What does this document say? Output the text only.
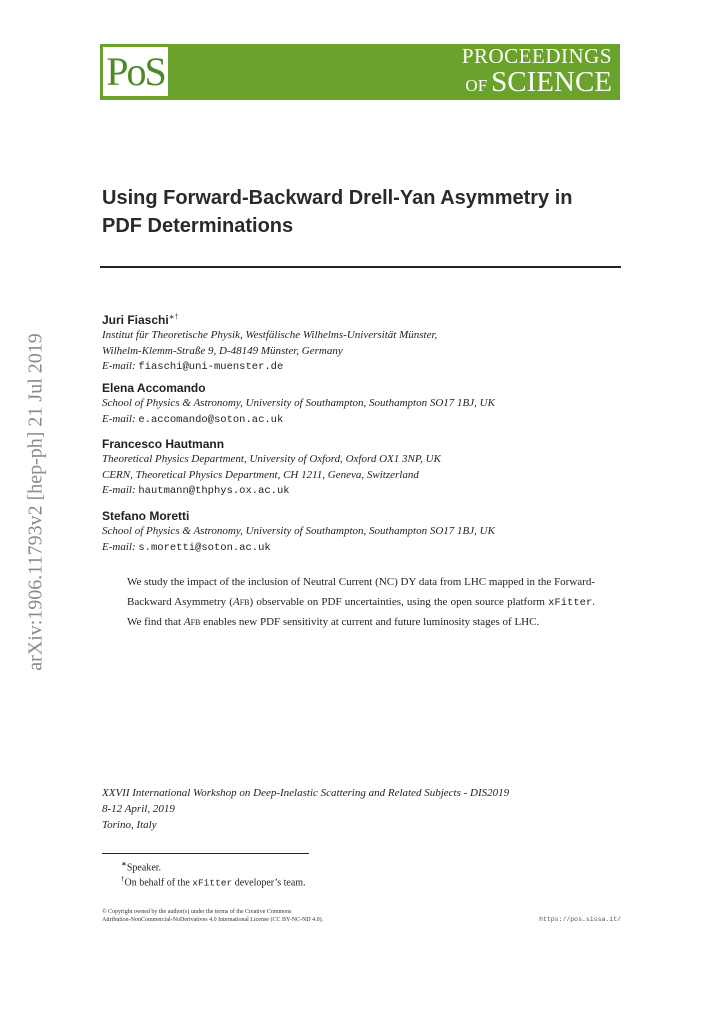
PoS	PROCEEDINGS
OF SCIENCE
arXiv:1906.11793v2 [hep-ph] 21 Jul 2019
Using Forward-Backward Drell-Yan Asymmetry in
PDF Determinations
Juri Fiaschi∗†
Institut für Theoretische Physik, Westfälische Wilhelms-Universität Münster,
Wilhelm-Klemm-Straße 9, D-48149 Münster, Germany
E-mail: fiaschi@uni-muenster.de
Elena Accomando
School of Physics & Astronomy, University of Southampton, Southampton SO17 1BJ, UK
E-mail: e.accomando@soton.ac.uk
Francesco Hautmann
Theoretical Physics Department, University of Oxford, Oxford OX1 3NP, UK
CERN, Theoretical Physics Department, CH 1211, Geneva, Switzerland
E-mail: hautmann@thphys.ox.ac.uk
Stefano Moretti
School of Physics & Astronomy, University of Southampton, Southampton SO17 1BJ, UK
E-mail: s.moretti@soton.ac.uk
We study the impact of the inclusion of Neutral Current (NC) DY data from LHC mapped in the Forward-Backward Asymmetry (AFB) observable on PDF uncertainties, using the open source platform xFitter. We find that AFB enables new PDF sensitivity at current and future luminosity stages of LHC.
XXVII International Workshop on Deep-Inelastic Scattering and Related Subjects - DIS2019
8-12 April, 2019
Torino, Italy
∗Speaker.
†On behalf of the xFitter developer’s team.
© Copyright owned by the author(s) under the terms of the Creative Commons
Attribution-NonCommercial-NoDerivatives 4.0 International License (CC BY-NC-ND 4.0).	https://pos.sissa.it/
